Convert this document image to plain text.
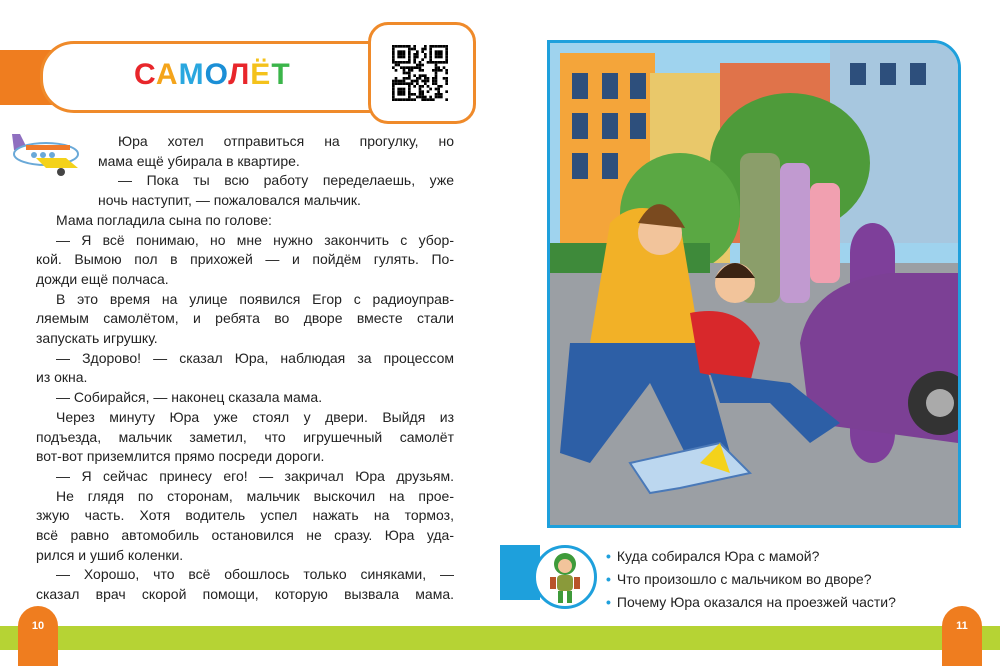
САМОЛЁТ
Юра хотел отправиться на прогулку, но
мама ещё убирала в квартире.
— Пока ты всю работу переделаешь, уже
ночь наступит, — пожаловался мальчик.
Мама погладила сына по голове:
— Я всё понимаю, но мне нужно закончить с убор-
кой. Вымою пол в прихожей — и пойдём гулять. По-
дожди ещё полчаса.
В это время на улице появился Егор с радиоуправ-
ляемым самолётом, и ребята во дворе вместе стали
запускать игрушку.
— Здорово! — сказал Юра, наблюдая за процессом
из окна.
— Собирайся, — наконец сказала мама.
Через минуту Юра уже стоял у двери. Выйдя из
подъезда, мальчик заметил, что игрушечный самолёт
вот-вот приземлится прямо посреди дороги.
— Я сейчас принесу его! — закричал Юра друзьям.
Не глядя по сторонам, мальчик выскочил на прое-
зжую часть. Хотя водитель успел нажать на тормоз,
всё равно автомобиль остановился не сразу. Юра уда-
рился и ушиб коленки.
— Хорошо, что всё обошлось только синяками, —
сказал врач скорой помощи, которую вызвала мама.
• Куда собирался Юра с мамой?
• Что произошло с мальчиком во дворе?
• Почему Юра оказался на проезжей части?
10	11
